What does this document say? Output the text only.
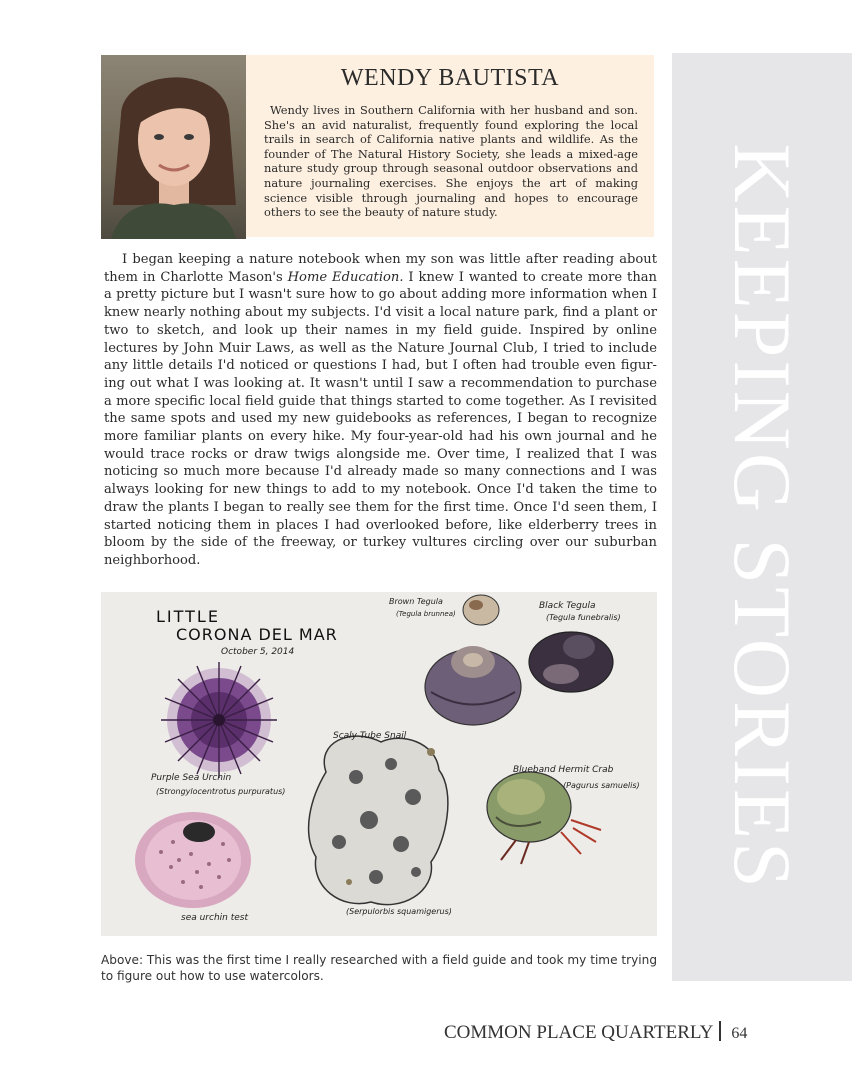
KEEPING STORIES
WENDY BAUTISTA
Wendy lives in Southern California with her husband and son. She's an avid naturalist, frequently found exploring the local trails in search of California native plants and wildlife. As the founder of The Natural History Society, she leads a mixed-age nature study group through seasonal outdoor observations and nature journaling exercises. She enjoys the art of making science visible through journaling and hopes to encourage others to see the beauty of nature study.
I began keeping a nature notebook when my son was little after reading about them in Charlotte Mason's Home Education. I knew I wanted to create more than a pretty picture but I wasn't sure how to go about adding more information when I knew nearly nothing about my subjects. I'd visit a local nature park, find a plant or two to sketch, and look up their names in my field guide. Inspired by online lectures by John Muir Laws, as well as the Nature Journal Club, I tried to include any little details I'd noticed or questions I had, but I often had trouble even figur-ing out what I was looking at. It wasn't until I saw a recommendation to purchase a more specific local field guide that things started to come together. As I revisited the same spots and used my new guidebooks as references, I began to recognize more familiar plants on every hike. My four-year-old had his own journal and he would trace rocks or draw twigs alongside me. Over time, I realized that I was noticing so much more because I'd already made so many connections and I was always looking for new things to add to my notebook. Once I'd taken the time to draw the plants I began to really see them for the first time. Once I'd seen them, I started noticing them in places I had overlooked before, like elderberry trees in bloom by the side of the freeway, or turkey vultures circling over our suburban neighborhood.
LITTLE
CORONA DEL MAR
October 5, 2014
Purple Sea Urchin
(Strongylocentrotus purpuratus)
sea urchin test
Scaly Tube Snail
(Serpulorbis squamigerus)
Brown Tegula
(Tegula brunnea)
Black Tegula
(Tegula funebralis)
Blueband Hermit Crab
(Pagurus samuelis)
Above: This was the first time I really researched with a field guide and took my time trying to figure out how to use watercolors.
COMMON PLACE QUARTERLY 64
